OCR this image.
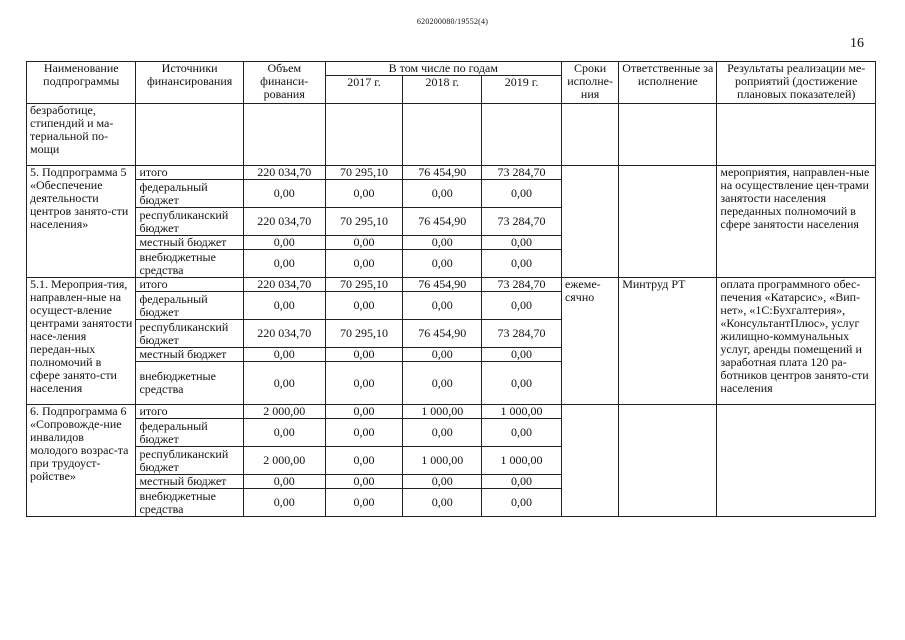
620200080/19552(4)
16
Наименование подпрограммы	Источники финансирования	Объем финанси-рования	В том числе по годам			Сроки исполне-ния	Ответственные за исполнение	Результаты реализации ме-роприятий (достижение плановых показателей)
			2017 г.	2018 г.	2019 г.			
безработице, стипендий и ма-териальной по-мощи								
5. Подпрограмма 5 «Обеспечение деятельности центров занято-сти населения»	итого	220 034,70	70 295,10	76 454,90	73 284,70			мероприятия, направлен-ные на осуществление цен-трами занятости населения переданных полномочий в сфере занятости населения
	федеральный бюджет	0,00	0,00	0,00	0,00			
	республиканский бюджет	220 034,70	70 295,10	76 454,90	73 284,70			
	местный бюджет	0,00	0,00	0,00	0,00			
	внебюджетные средства	0,00	0,00	0,00	0,00			
5.1. Мероприя-тия, направлен-ные на осущест-вление центрами занятости насе-ления передан-ных полномочий в сфере занято-сти населения	итого	220 034,70	70 295,10	76 454,90	73 284,70	ежеме-сячно	Минтруд РТ	оплата программного обес-печения «Катарсис», «Вип-нет», «1С:Бухгалтерия», «КонсультантПлюс», услуг жилищно-коммунальных услуг, аренды помещений и заработная плата 120 ра-ботников центров занято-сти населения
	федеральный бюджет	0,00	0,00	0,00	0,00			
	республиканский бюджет	220 034,70	70 295,10	76 454,90	73 284,70			
	местный бюджет	0,00	0,00	0,00	0,00			
	внебюджетные средства	0,00	0,00	0,00	0,00			
6. Подпрограмма 6 «Сопровожде-ние инвалидов молодого возрас-та при трудоуст-ройстве»	итого	2 000,00	0,00	1 000,00	1 000,00			
	федеральный бюджет	0,00	0,00	0,00	0,00			
	республиканский бюджет	2 000,00	0,00	1 000,00	1 000,00			
	местный бюджет	0,00	0,00	0,00	0,00			
	внебюджетные средства	0,00	0,00	0,00	0,00			
